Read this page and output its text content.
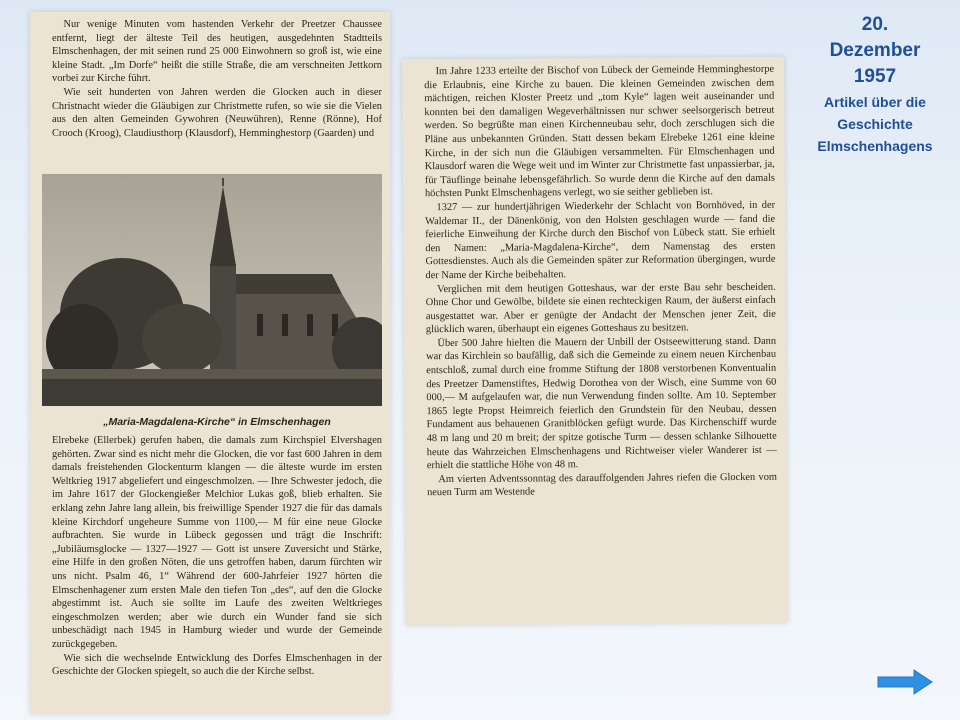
Nur wenige Minuten vom hastenden Verkehr der Preetzer Chaussee entfernt, liegt der älteste Teil des heutigen, ausgedehnten Stadtteils Elmschenhagen, der mit seinen rund 25 000 Einwohnern so groß ist, wie eine kleine Stadt. „Im Dorfe“ heißt die stille Straße, die am verschneiten Jettkorn vorbei zur Kirche führt.

Wie seit hunderten von Jahren werden die Glocken auch in dieser Christnacht wieder die Gläubigen zur Christmette rufen, so wie sie die Vielen aus den alten Gemeinden Gywohren (Neuwühren), Renne (Rönne), Hof Crooch (Kroog), Claudiusthorp (Klausdorf), Hemminghestorp (Gaarden) und

„Maria-Magdalena-Kirche“ in Elmschenhagen

Elrebeke (Ellerbek) gerufen haben, die damals zum Kirchspiel Elvershagen gehörten. Zwar sind es nicht mehr die Glocken, die vor fast 600 Jahren in dem damals freistehenden Glockenturm klangen — die älteste wurde im ersten Weltkrieg 1917 abgeliefert und eingeschmolzen. — Ihre Schwester jedoch, die im Jahre 1617 der Glockengießer Melchior Lukas goß, blieb erhalten. Sie erklang zehn Jahre lang allein, bis freiwillige Spender 1927 die für das damals kleine Kirchdorf ungeheure Summe von 1100,— M für eine neue Glocke aufbrachten. Sie wurde in Lübeck gegossen und trägt die Inschrift: „Jubiläumsglocke — 1327—1927 — Gott ist unsere Zuversicht und Stärke, eine Hilfe in den großen Nöten, die uns getroffen haben, darum fürchten wir uns nicht. Psalm 46, 1“ Während der 600-Jahrfeier 1927 hörten die Elmschenhagener zum ersten Male den tiefen Ton „des“, auf den die Glocke abgestimmt ist. Auch sie sollte im Laufe des zweiten Weltkrieges eingeschmolzen werden; aber wie durch ein Wunder fand sie sich unbeschädigt nach 1945 in Hamburg wieder und wurde der Gemeinde zurückgegeben.

Wie sich die wechselnde Entwicklung des Dorfes Elmschenhagen in der Geschichte der Glocken spiegelt, so auch die der Kirche selbst.

Im Jahre 1233 erteilte der Bischof von Lübeck der Gemeinde Hemminghestorpe die Erlaubnis, eine Kirche zu bauen. Die kleinen Gemeinden zwischen dem mächtigen, reichen Kloster Preetz und „tom Kyle“ lagen weit auseinander und konnten bei den damaligen Wegeverhältnissen nur schwer seelsorgerisch betreut werden. So begrüßte man einen Kirchenneubau sehr, doch zerschlugen sich die Pläne aus unbekannten Gründen. Statt dessen bekam Elrebeke 1261 eine kleine Kirche, in der sich nun die Gläubigen versammelten. Für Elmschenhagen und Klausdorf waren die Wege weit und im Winter zur Christmette fast unpassierbar, ja, für Täuflinge beinahe lebensgefährlich. So wurde denn die Kirche auf den damals höchsten Punkt Elmschenhagens verlegt, wo sie seither geblieben ist.

1327 — zur hundertjährigen Wiederkehr der Schlacht von Bornhöved, in der Waldemar II., der Dänenkönig, von den Holsten geschlagen wurde — fand die feierliche Einweihung der Kirche durch den Bischof von Lübeck statt. Sie erhielt den Namen: „Maria-Magdalena-Kirche“, dem Namenstag des ersten Gottesdienstes. Auch als die Gemeinden später zur Reformation übergingen, wurde der Name der Kirche beibehalten.

Verglichen mit dem heutigen Gotteshaus, war der erste Bau sehr bescheiden. Ohne Chor und Gewölbe, bildete sie einen rechteckigen Raum, der äußerst einfach ausgestattet war. Aber er genügte der Andacht der Menschen jener Zeit, die glücklich waren, überhaupt ein eigenes Gotteshaus zu besitzen.

Über 500 Jahre hielten die Mauern der Unbill der Ostseewitterung stand. Dann war das Kirchlein so baufällig, daß sich die Gemeinde zu einem neuen Kirchenbau entschloß, zumal durch eine fromme Stiftung der 1808 verstorbenen Konventualin des Preetzer Damenstiftes, Hedwig Dorothea von der Wisch, eine Summe von 60 000,— M aufgelaufen war, die nun Verwendung finden sollte. Am 10. September 1865 legte Propst Heimreich feierlich den Grundstein für den Neubau, dessen Fundament aus behauenen Granitblöcken gefügt wurde. Das Kirchenschiff wurde 48 m lang und 20 m breit; der spitze gotische Turm — dessen schlanke Silhouette heute das Wahrzeichen Elmschenhagens und Richtweiser vieler Wanderer ist — erhielt die stattliche Höhe von 48 m.

Am vierten Adventssonntag des darauffolgenden Jahres riefen die Glocken vom neuen Turm am Westende

20.
Dezember
1957
Artikel über die
Geschichte
Elmschenhagens
